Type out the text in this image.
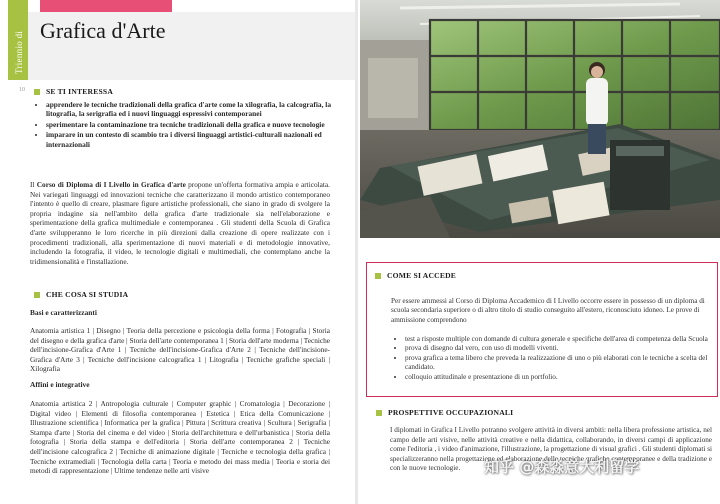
Triennio di
Grafica d'Arte
10	SE TI INTERESSA
• apprendere le tecniche tradizionali della grafica d'arte come la xilografia, la calcografia, la litografia, la serigrafia ed i nuovi linguaggi espressivi contemporanei
• sperimentare la contaminazione tra tecniche tradizionali della grafica e nuove tecnologie
• imparare in un contesto di scambio tra i diversi linguaggi artistici-culturali nazionali ed internazionali

Il Corso di Diploma di I Livello in Grafica d'arte propone un'offerta formativa ampia e articolata. Nei variegati linguaggi ed innovazioni tecniche che caratterizzano il mondo artistico contemporaneo l'intento è quello di creare, plasmare figure artistiche professionali, che siano in grado di svolgere la propria indagine sia nell'ambito della grafica d'arte tradizionale sia nell'elaborazione e sperimentazione della grafica multimediale e contemporanea . Gli studenti della Scuola di Grafica d'arte svilupperanno le loro ricerche in più direzioni dalla creazione di opere realizzate con i procedimenti tradizionali, alla sperimentazione di nuovi materiali e di metodologie innovative, includendo la fotografia, il video, le tecnologie digitali e multimediali, che contemplano anche la tridimensionalità e l'installazione.

CHE COSA SI STUDIA
Basi e caratterizzanti

Anatomia artistica 1 | Disegno | Teoria della percezione e psicologia della forma | Fotografia | Storia del disegno e della grafica d'arte | Storia dell'arte contemporanea 1 | Storia dell'arte moderna | Tecniche dell'incisione-Grafica d'Arte 1 | Tecniche dell'incisione-Grafica d'Arte 2 | Tecniche dell'incisione-Grafica d'Arte 3 | Tecniche dell'incisione calcografica 1 | Litografia | Tecniche grafiche speciali | Xilografia

Affini e integrative

Anatomia artistica 2 | Antropologia culturale | Computer graphic | Cromatologia | Decorazione | Digital video | Elementi di filosofia contemporanea | Estetica | Etica della Comunicazione | Illustrazione scientifica | Informatica per la grafica | Pittura | Scrittura creativa | Scultura | Serigrafia | Stampa d'arte | Storia del cinema e del video | Storia dell'architettura e dell'urbanistica | Storia della fotografia | Storia della stampa e dell'editoria | Storia dell'arte contemporanea 2 | Tecniche dell'incisione calcografica 2 | Tecniche di animazione digitale | Tecniche e tecnologia della grafica | Tecniche extramediali | Tecnologia della carta | Teoria e metodo dei mass media | Teoria e storia dei metodi di rappresentazione | Ultime tendenze nelle arti visive

COME SI ACCEDE

Per essere ammessi al Corso di Diploma Accademico di I Livello occorre essere in possesso di un diploma di scuola secondaria superiore o di altro titolo di studio conseguito all'estero, riconosciuto idoneo. Le prove di ammissione comprendono

• test a risposte multiple con domande di cultura generale e specifiche dell'area di competenza della Scuola
• prova di disegno dal vero, con uso di modelli viventi.
• prova grafica a tema libero che preveda la realizzazione di uno o più elaborati con le tecniche a scelta del candidato.
• colloquio attitudinale e presentazione di un portfolio.
PROSPETTIVE OCCUPAZIONALI

I diplomati in Grafica I Livello potranno svolgere attività in diversi ambiti: nella libera professione artistica, nel campo delle arti visive, nelle attività creative e nella didattica, collaborando, in diversi campi di applicazione come l'editoria , i video d'animazione, l'illustrazione, la progettazione di visual grafici . Gli studenti diplomati si specializzeranno nella progettazione ed elaborazione delle tecniche grafiche contemporanee e della tradizione e con le nuove tecnologie.	知乎 @森淼意大利留学
